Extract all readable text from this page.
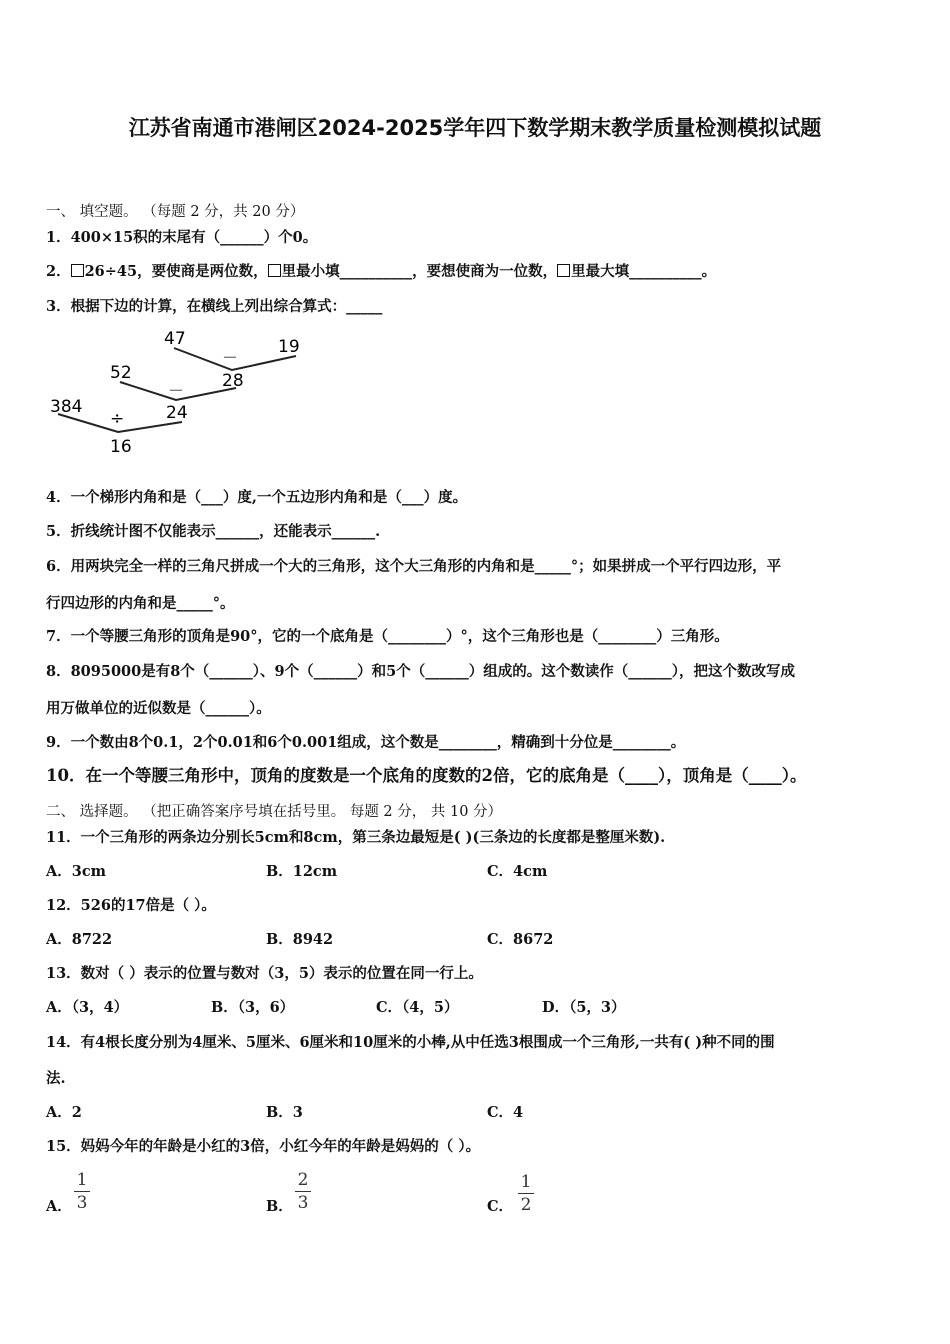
江苏省南通市港闸区2024-2025学年四下数学期末教学质量检测模拟试题
一、 填空题。 （每题 2 分，共 20 分）
1．400×15积的末尾有（______）个0。
2． 26÷45，要使商是两位数， 里最小填__________，要想使商为一位数， 里最大填__________。
3．根据下边的计算，在横线上列出综合算式：_____
47	19
－
28
52
－
24
384
÷
16
4．一个梯形内角和是（___）度,一个五边形内角和是（___）度。
5．折线统计图不仅能表示______，还能表示______.
6．用两块完全一样的三角尺拼成一个大的三角形，这个大三角形的内角和是_____°；如果拼成一个平行四边形，平
行四边形的内角和是_____°。
7．一个等腰三角形的顶角是90°，它的一个底角是（________）°，这个三角形也是（________）三角形。
8．8095000是有8个（______）、9个（______）和5个（______）组成的。这个数读作（______），把这个数改写成
用万做单位的近似数是（______）。
9．一个数由8个0.1，2个0.01和6个0.001组成，这个数是________，精确到十分位是________。
10．在一个等腰三角形中，顶角的度数是一个底角的度数的2倍，它的底角是（____），顶角是（____）。
二、 选择题。 （把正确答案序号填在括号里。 每题 2 分， 共 10 分）
11．一个三角形的两条边分别长5cm和8cm，第三条边最短是( )(三条边的长度都是整厘米数).
A．3cm	B．12cm	C．4cm
12．526的17倍是（ ）。
A．8722	B．8942	C．8672
13．数对（ ）表示的位置与数对（3，5）表示的位置在同一行上。
A．（3，4）	B．（3，6）	C．（4，5）	D．（5，3）
14．有4根长度分别为4厘米、5厘米、6厘米和10厘米的小棒,从中任选3根围成一个三角形,一共有( )种不同的围
法.
A．2	B．3	C．4
15．妈妈今年的年龄是小红的3倍，小红今年的年龄是妈妈的（ ）。
A．
1
3	B．
2
3	C．
1
2
